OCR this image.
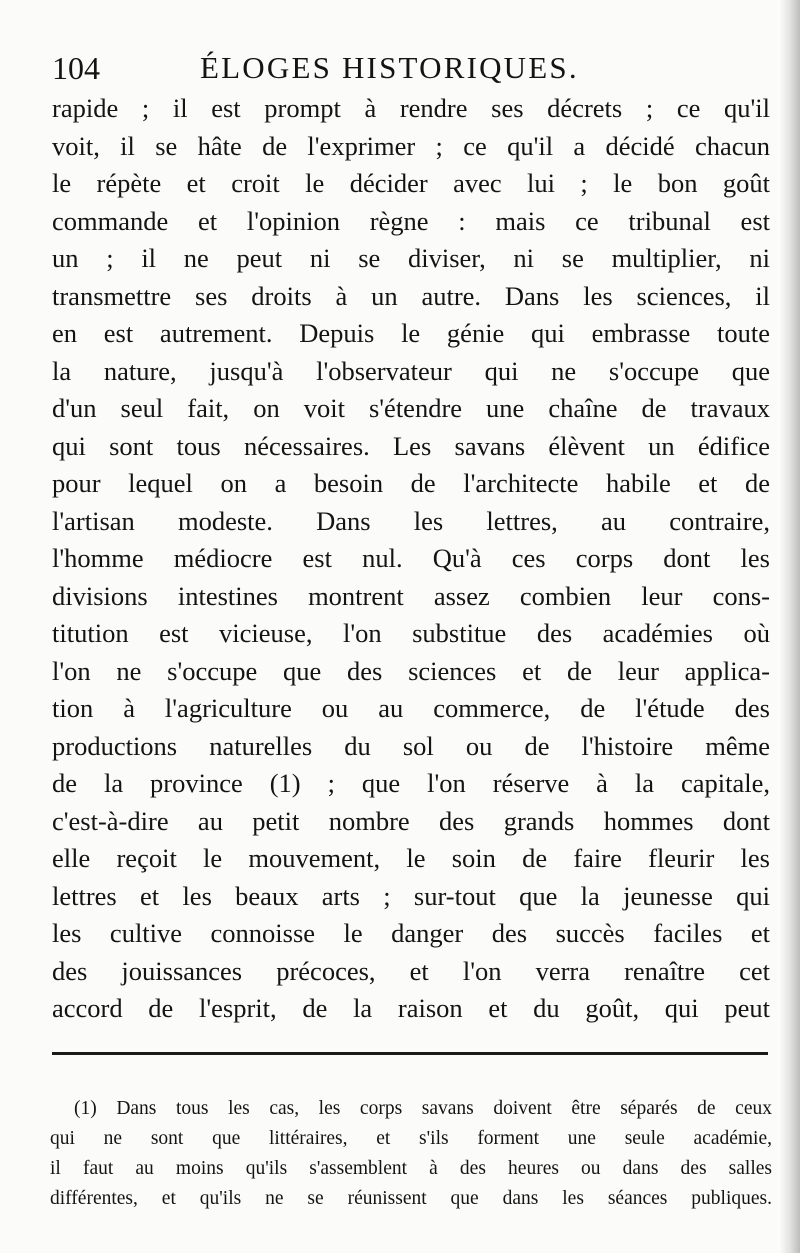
104	ÉLOGES HISTORIQUES.
rapide ; il est prompt à rendre ses décrets ; ce qu'il
voit, il se hâte de l'exprimer ; ce qu'il a décidé chacun
le répète et croit le décider avec lui ; le bon goût
commande et l'opinion règne : mais ce tribunal est
un ; il ne peut ni se diviser, ni se multiplier, ni
transmettre ses droits à un autre. Dans les sciences, il
en est autrement. Depuis le génie qui embrasse toute
la nature, jusqu'à l'observateur qui ne s'occupe que
d'un seul fait, on voit s'étendre une chaîne de travaux
qui sont tous nécessaires. Les savans élèvent un édifice
pour lequel on a besoin de l'architecte habile et de
l'artisan modeste. Dans les lettres, au contraire,
l'homme médiocre est nul. Qu'à ces corps dont les
divisions intestines montrent assez combien leur cons-
titution est vicieuse, l'on substitue des académies où
l'on ne s'occupe que des sciences et de leur applica-
tion à l'agriculture ou au commerce, de l'étude des
productions naturelles du sol ou de l'histoire même
de la province (1) ; que l'on réserve à la capitale,
c'est-à-dire au petit nombre des grands hommes dont
elle reçoit le mouvement, le soin de faire fleurir les
lettres et les beaux arts ; sur-tout que la jeunesse qui
les cultive connoisse le danger des succès faciles et
des jouissances précoces, et l'on verra renaître cet
accord de l'esprit, de la raison et du goût, qui peut
(1) Dans tous les cas, les corps savans doivent être séparés de ceux
qui ne sont que littéraires, et s'ils forment une seule académie,
il faut au moins qu'ils s'assemblent à des heures ou dans des salles
différentes, et qu'ils ne se réunissent que dans les séances publiques.
